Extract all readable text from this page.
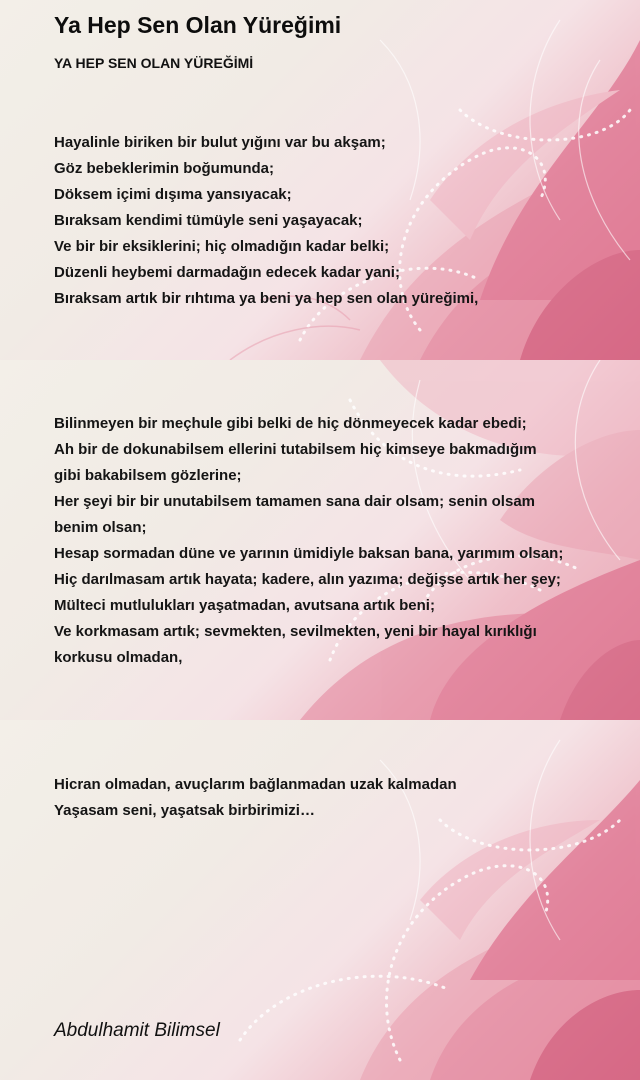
Ya Hep Sen Olan Yüreğimi
YA HEP SEN OLAN YÜREĞİMİ
Hayalinle biriken bir bulut yığını var bu akşam;
Göz bebeklerimin boğumunda;
Döksem içimi dışıma yansıyacak;
Bıraksam kendimi tümüyle seni yaşayacak;
Ve bir bir eksiklerini; hiç olmadığın kadar belki;
Düzenli heybemi darmadağın edecek kadar yani;
Bıraksam artık bir rıhtıma ya beni ya hep sen olan yüreğimi,
Bilinmeyen bir meçhule gibi belki de hiç dönmeyecek kadar ebedi;
Ah bir de dokunabilsem ellerini tutabilsem hiç kimseye bakmadığım
gibi bakabilsem gözlerine;
Her şeyi bir bir unutabilsem tamamen sana dair olsam; senin olsam
benim olsan;
Hesap sormadan düne ve yarının ümidiyle baksan bana, yarımım olsan;
Hiç darılmasam artık hayata; kadere, alın yazıma; değişse artık her şey;
Mülteci mutlulukları yaşatmadan, avutsana artık beni;
Ve korkmasam artık; sevmekten, sevilmekten, yeni bir hayal kırıklığı
korkusu olmadan,
Hicran olmadan, avuçlarım bağlanmadan uzak kalmadan
Yaşasam seni, yaşatsak birbirimizi…
Abdulhamit Bilimsel
